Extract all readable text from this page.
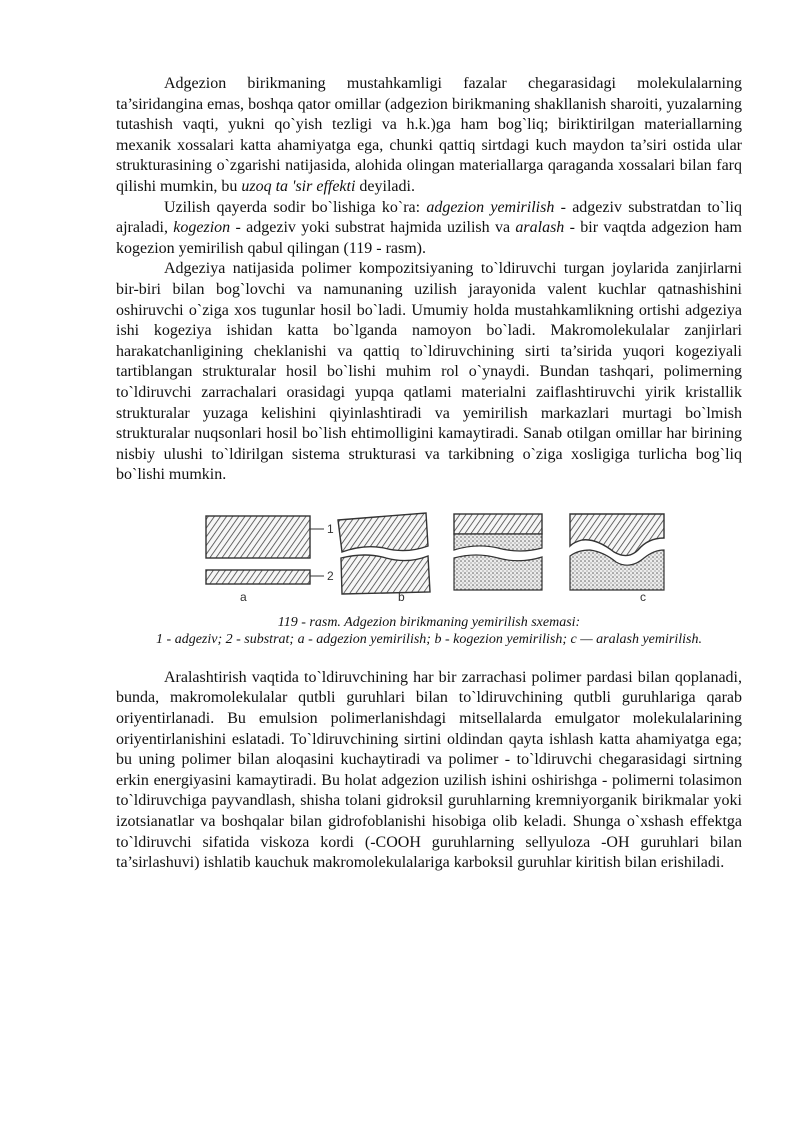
Adgezion birikmaning mustahkamligi fazalar chegarasidagi molekulalarning ta’siridangina emas, boshqa qator omillar (adgezion birikmaning shakllanish sharoiti, yuzalarning tutashish vaqti, yukni qo`yish tezligi va h.k.)ga ham bog`liq; biriktirilgan materiallarning mexanik xossalari katta ahamiyatga ega, chunki qattiq sirtdagi kuch maydon ta’siri ostida ular strukturasining o`zgarishi natijasida, alohida olingan materiallarga qaraganda xossalari bilan farq qilishi mumkin, bu uzoq ta 'sir effekti deyiladi.

Uzilish qayerda sodir bo`lishiga ko`ra: adgezion yemirilish - adgeziv substratdan to`liq ajraladi, kogezion - adgeziv yoki substrat hajmida uzilish va aralash - bir vaqtda adgezion ham kogezion yemirilish qabul qilingan (119 - rasm).

Adgeziya natijasida polimer kompozitsiyaning to`ldiruvchi turgan joylarida zanjirlarni bir-biri bilan bog`lovchi va namunaning uzilish jarayonida valent kuchlar qatnashishini oshiruvchi o`ziga xos tugunlar hosil bo`ladi. Umumiy holda mustahkamlikning ortishi adgeziya ishi kogeziya ishidan katta bo`lganda namoyon bo`ladi. Makromolekulalar zanjirlari harakatchanligining cheklanishi va qattiq to`ldiruvchining sirti ta’sirida yuqori kogeziyali tartiblangan strukturalar hosil bo`lishi muhim rol o`ynaydi. Bundan tashqari, polimerning to`ldiruvchi zarrachalari orasidagi yupqa qatlami materialni zaiflashtiruvchi yirik kristallik strukturalar yuzaga kelishini qiyinlashtiradi va yemirilish markazlari murtagi bo`lmish strukturalar nuqsonlari hosil bo`lish ehtimolligini kamaytiradi. Sanab otilgan omillar har birining nisbiy ulushi to`ldirilgan sistema strukturasi va tarkibning o`ziga xosligiga turlicha bog`liq bo`lishi mumkin.

1
2
a	b	c

119 - rasm. Adgezion birikmaning yemirilish sxemasi:
1 - adgeziv; 2 - substrat; a - adgezion yemirilish; b - kogezion yemirilish; c — aralash yemirilish.

Aralashtirish vaqtida to`ldiruvchining har bir zarrachasi polimer pardasi bilan qoplanadi, bunda, makromolekulalar qutbli guruhlari bilan to`ldiruvchining qutbli guruhlariga qarab oriyentirlanadi. Bu emulsion polimerlanishdagi mitsellalarda emulgator molekulalarining oriyentirlanishini eslatadi. To`ldiruvchining sirtini oldindan qayta ishlash katta ahamiyatga ega; bu uning polimer bilan aloqasini kuchaytiradi va polimer - to`ldiruvchi chegarasidagi sirtning erkin energiyasini kamaytiradi. Bu holat adgezion uzilish ishini oshirishga - polimerni tolasimon to`ldiruvchiga payvandlash, shisha tolani gidroksil guruhlarning kremniyorganik birikmalar yoki izotsianatlar va boshqalar bilan gidrofoblanishi hisobiga olib keladi. Shunga o`xshash effektga to`ldiruvchi sifatida viskoza kordi (-COOH guruhlarning sellyuloza -OH guruhlari bilan ta’sirlashuvi) ishlatib kauchuk makromolekulalariga karboksil guruhlar kiritish bilan erishiladi.
